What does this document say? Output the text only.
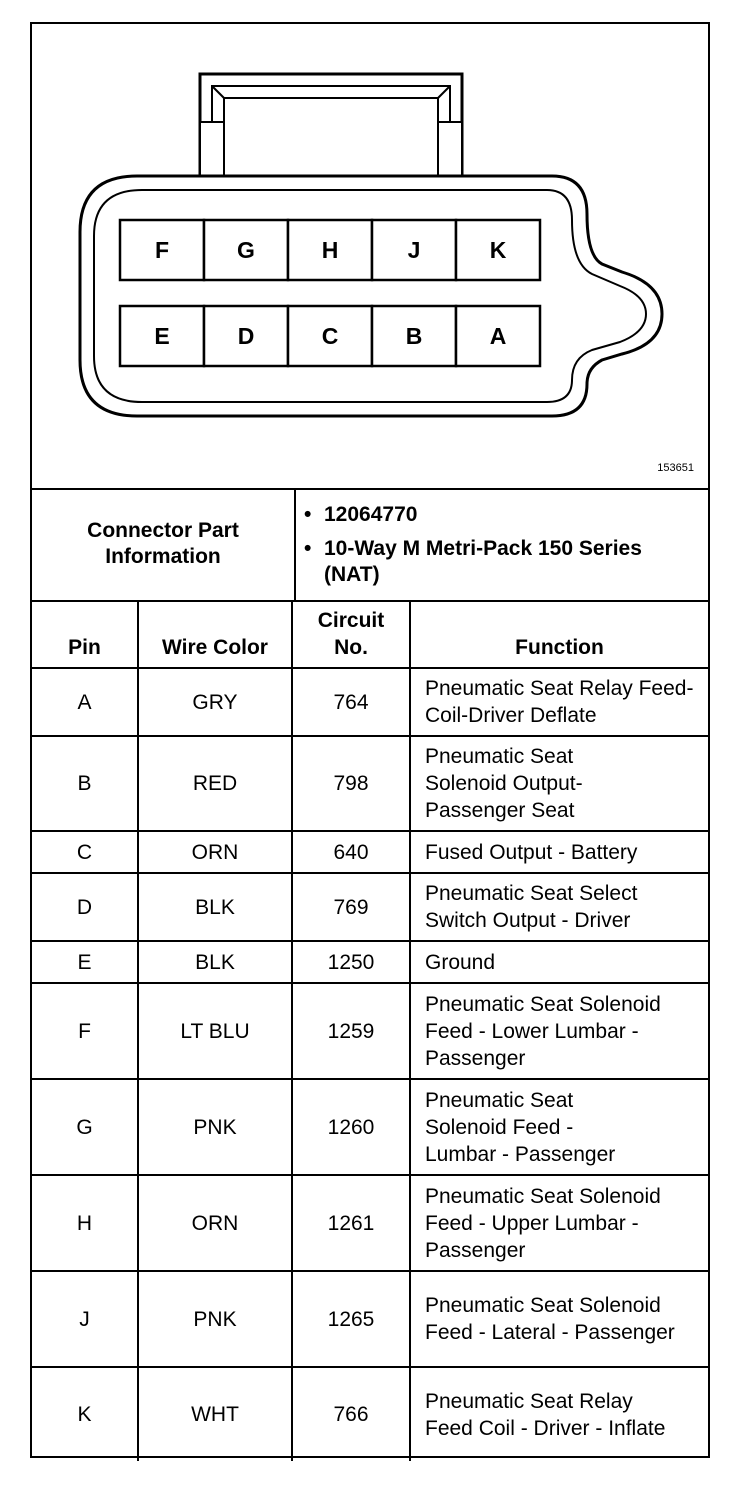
F	G	H	J	K
E	D	C	B	A
153651
Connector Part Information
• 12064770
• 10-Way M Metri-Pack 150 Series (NAT)
Pin	Wire Color	Circuit No.	Function
A	GRY	764	Pneumatic Seat Relay Feed-Coil-Driver Deflate
B	RED	798	Pneumatic Seat Solenoid Output-Passenger Seat
C	ORN	640	Fused Output - Battery
D	BLK	769	Pneumatic Seat Select Switch Output - Driver
E	BLK	1250	Ground
F	LT BLU	1259	Pneumatic Seat Solenoid Feed - Lower Lumbar - Passenger
G	PNK	1260	Pneumatic Seat Solenoid Feed - Lumbar - Passenger
H	ORN	1261	Pneumatic Seat Solenoid Feed - Upper Lumbar - Passenger
J	PNK	1265	Pneumatic Seat Solenoid Feed - Lateral - Passenger
K	WHT	766	Pneumatic Seat Relay Feed Coil - Driver - Inflate
